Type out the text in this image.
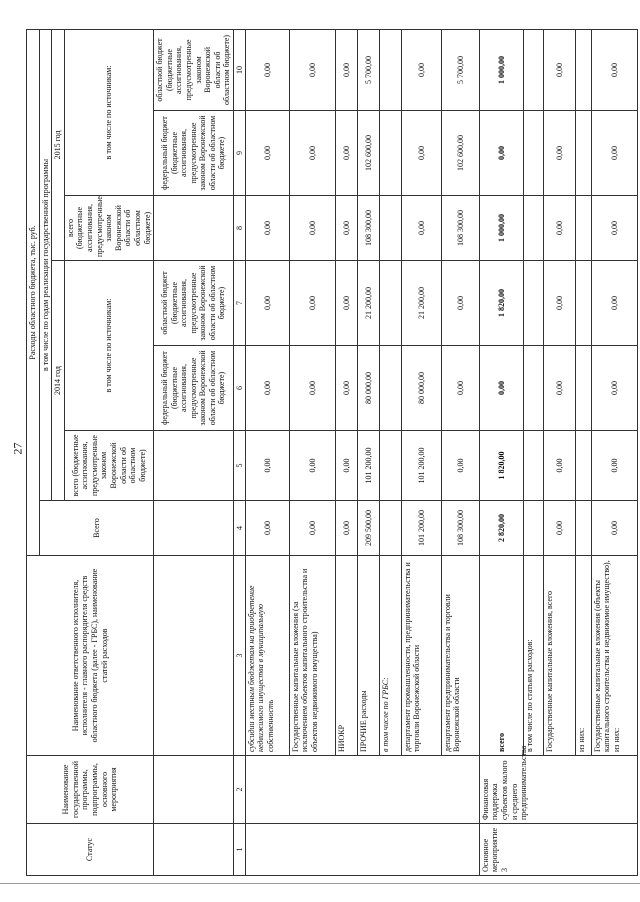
27
Статус	Наименование государственной программы, подпрограммы, основного мероприятия	Наименование ответственного исполнителя, исполнителя - главного распорядителя средств областного бюджета (далее - ГРБС), наименование статей расходов	Расходы областного бюджета, тыс. руб.						
			Всего	в том числе по годам реализации государственной программы					
				2014 год			2015 год		
				всего (бюджетные ассигнования, предусмотренные законом Воронежской области об областном бюджете)	в том числе по источникам:		всего (бюджетные ассигнования, предусмотренные законом Воронежской области об областном бюджете)	в том числе по источникам:	
					федеральный бюджет (бюджетные ассигнования, предусмотренные законом Воронежской области об областном бюджете)	областной бюджет (бюджетные ассигнования, предусмотренные законом Воронежской области об областном бюджете)		федеральный бюджет (бюджетные ассигнования, предусмотренные законом Воронежской области об областном бюджете)	областной бюджет (бюджетные ассигнования, предусмотренные законом Воронежской области об областном бюджете)
1	2	3	4	5	6	7	8	9	10
		субсидии местным бюджетам на приобретение недвижимого имущества в муниципальную собственность	0,00	0,00	0,00	0,00	0,00	0,00	0,00
		Государственные капитальные вложения (за исключением объектов капитального строительства и объектов недвижимого имущества)	0,00	0,00	0,00	0,00	0,00	0,00	0,00
		НИОКР	0,00	0,00	0,00	0,00	0,00	0,00	0,00
		ПРОЧИЕ расходы	209 500,00	101 200,00	80 000,00	21 200,00	108 300,00	102 600,00	5 700,00
		в том числе по ГРБС:							
		департамент промышленности, предпринимательства и торговли Воронежской области	101 200,00	101 200,00	80 000,00	21 200,00	0,00	0,00	0,00
		департамент предпринимательства и торговли Воронежской области	108 300,00	0,00	0,00	0,00	108 300,00	102 600,00	5 700,00
Основное мероприятие 3	Финансовая поддержка субъектов малого и среднего предпринимательства	всего	2 820,00	1 820,00	0,00	1 820,00	1 000,00	0,00	1 000,00
		в том числе по статьям расходов:							
		Государственные капитальные вложения, всего	0,00	0,00	0,00	0,00	0,00	0,00	0,00
		из них:							
		Государственные капитальные вложения (объекты капитального строительства и недвижимое имущество), из них:	0,00	0,00	0,00	0,00	0,00	0,00	0,00
